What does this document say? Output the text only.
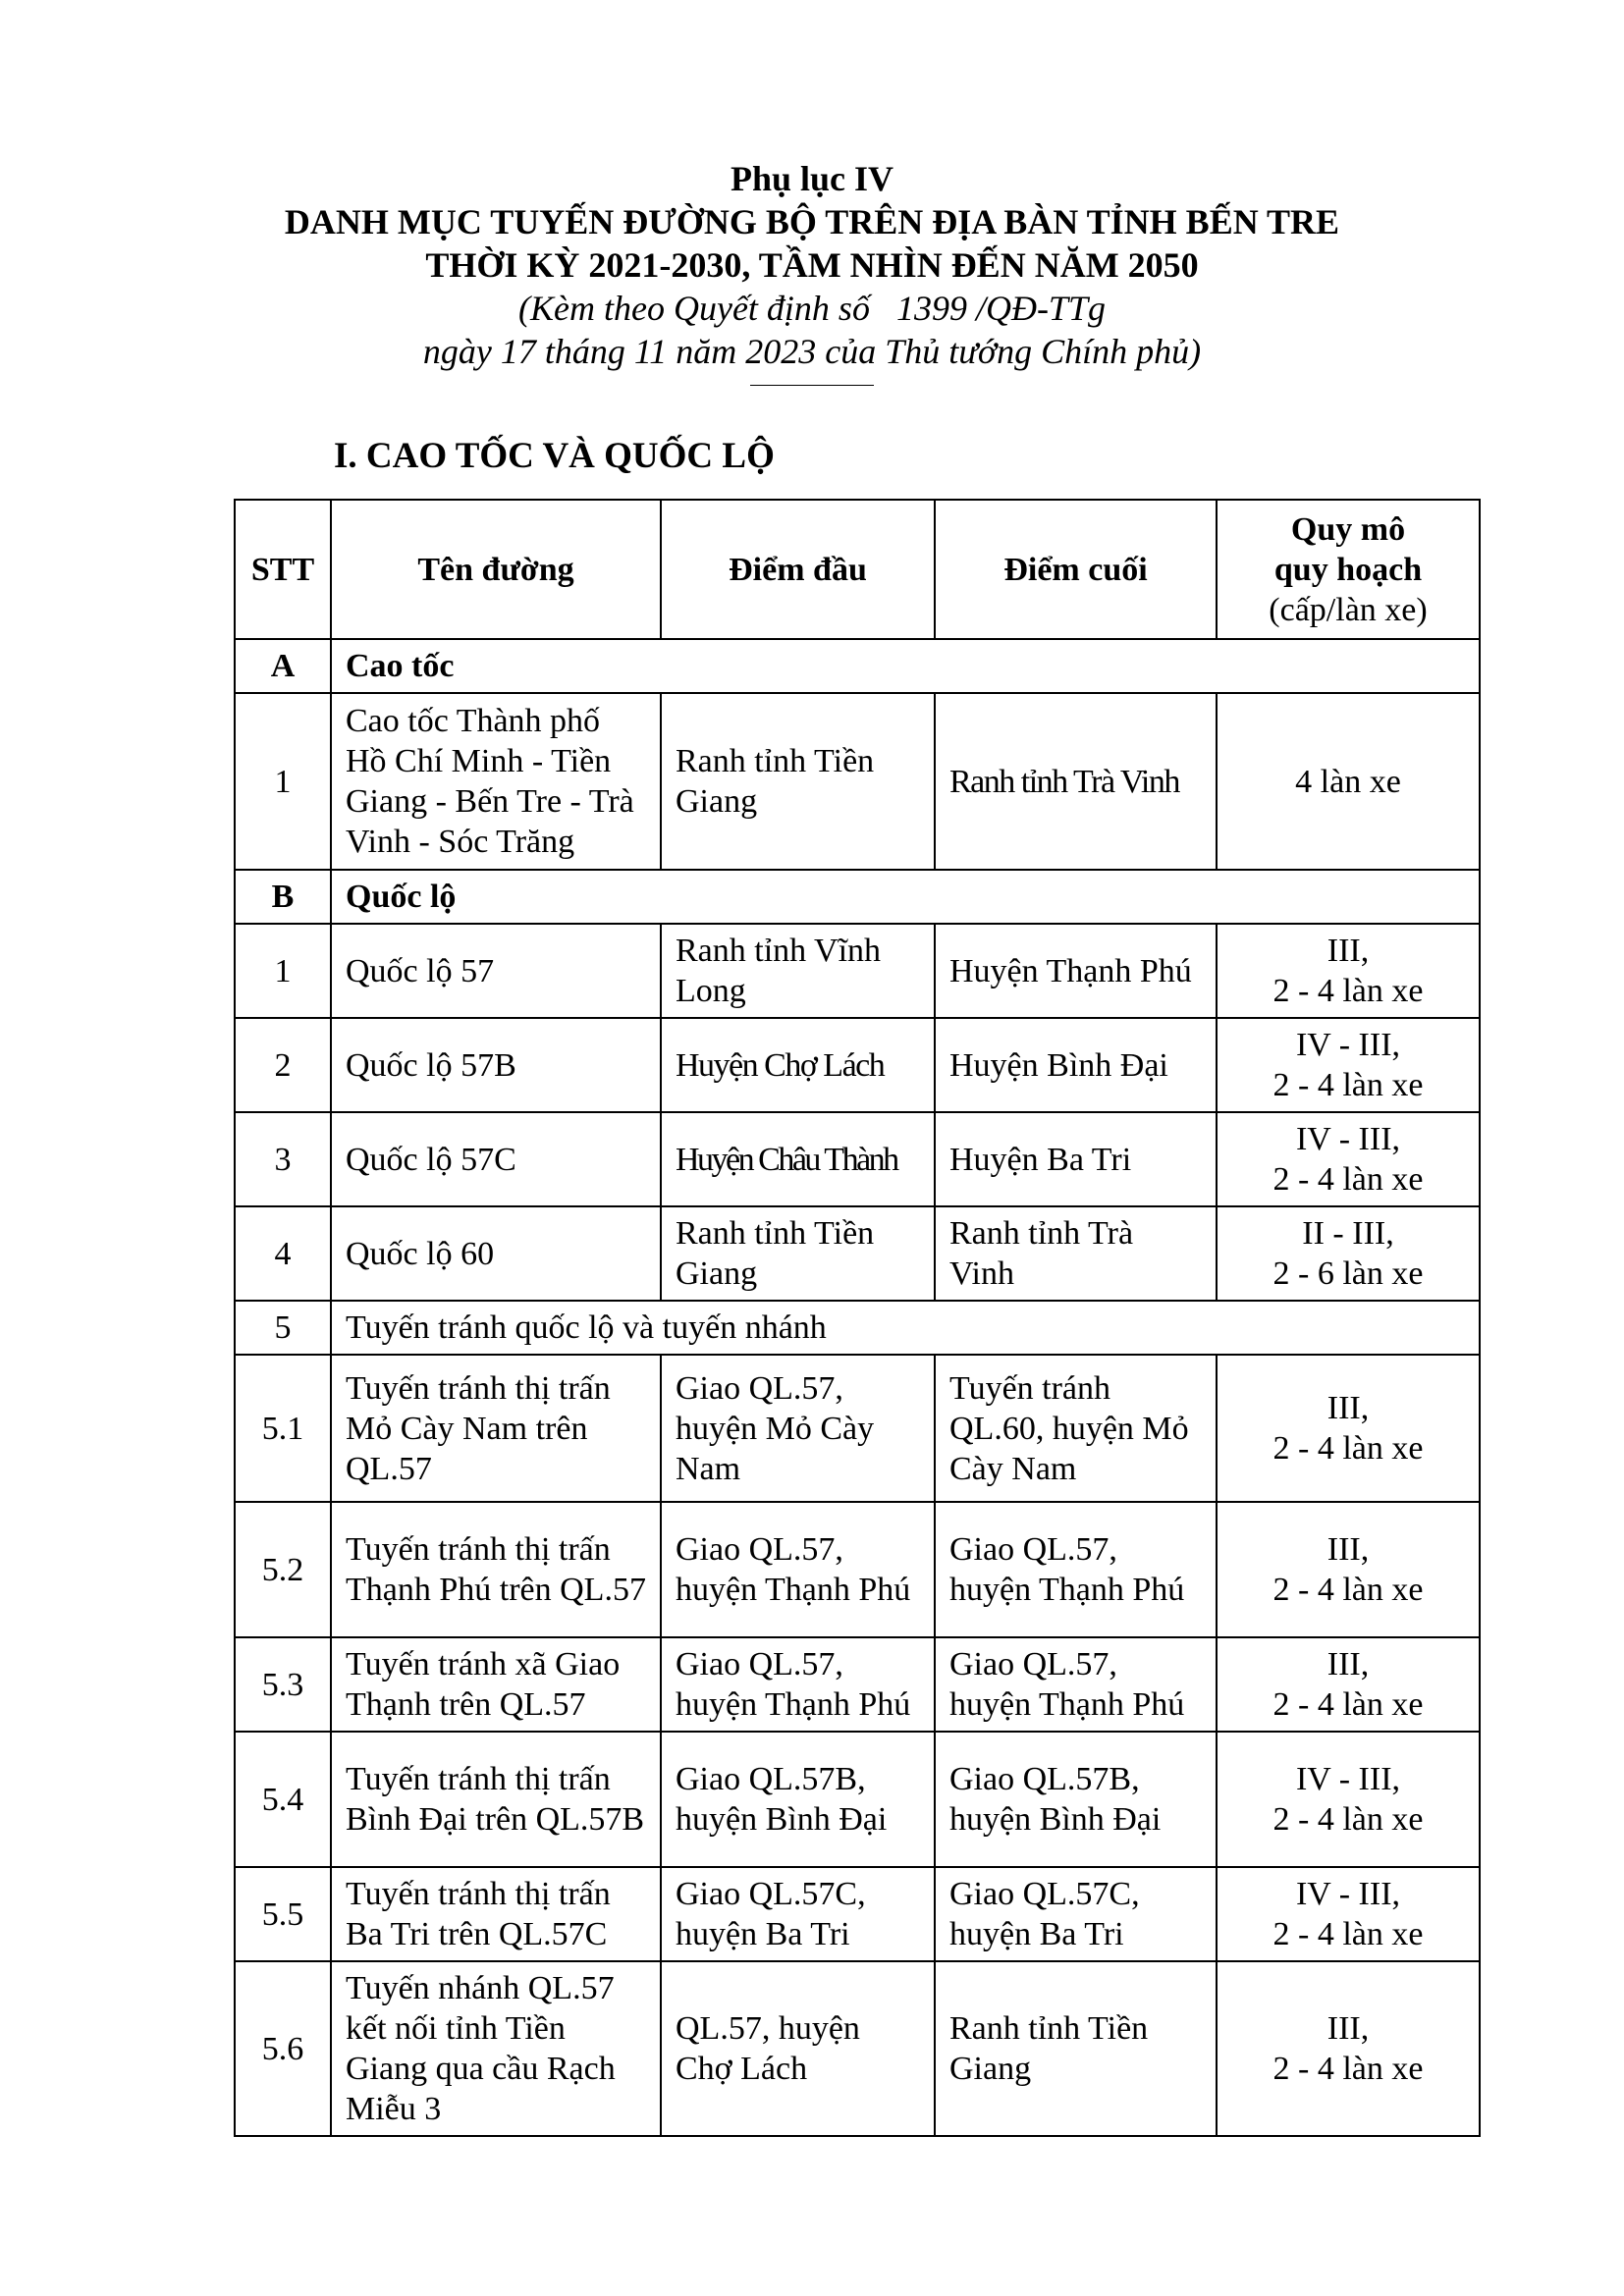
Phụ lục IV
DANH MỤC TUYẾN ĐƯỜNG BỘ TRÊN ĐỊA BÀN TỈNH BẾN TRE
THỜI KỲ 2021-2030, TẦM NHÌN ĐẾN NĂM 2050
(Kèm theo Quyết định số   1399 /QĐ-TTg
ngày 17 tháng 11 năm 2023 của Thủ tướng Chính phủ)
I. CAO TỐC VÀ QUỐC LỘ
STT	Tên đường	Điểm đầu	Điểm cuối	Quy mô
quy hoạch
(cấp/làn xe)

A	Cao tốc			
1	Cao tốc Thành phố Hồ Chí Minh - Tiền Giang - Bến Tre - Trà Vinh - Sóc Trăng	Ranh tỉnh Tiền Giang	Ranh tỉnh Trà Vinh	4 làn xe
B	Quốc lộ			
1	Quốc lộ 57	Ranh tỉnh Vĩnh Long	Huyện Thạnh Phú	III,
2 - 4 làn xe

2	Quốc lộ 57B	Huyện Chợ Lách	Huyện Bình Đại	IV - III,
2 - 4 làn xe

3	Quốc lộ 57C	Huyện Châu Thành	Huyện Ba Tri	IV - III,
2 - 4 làn xe

4	Quốc lộ 60	Ranh tỉnh Tiền Giang	Ranh tỉnh Trà Vinh	II - III,
2 - 6 làn xe

5	Tuyến tránh quốc lộ và tuyến nhánh			
5.1	Tuyến tránh thị trấn Mỏ Cày Nam trên QL.57	Giao QL.57, huyện Mỏ Cày Nam	Tuyến tránh QL.60, huyện Mỏ Cày Nam	III,
2 - 4 làn xe

5.2	Tuyến tránh thị trấn Thạnh Phú trên QL.57	Giao QL.57, huyện Thạnh Phú	Giao QL.57, huyện Thạnh Phú	III,
2 - 4 làn xe

5.3	Tuyến tránh xã Giao Thạnh trên QL.57	Giao QL.57, huyện Thạnh Phú	Giao QL.57, huyện Thạnh Phú	III,
2 - 4 làn xe

5.4	Tuyến tránh thị trấn Bình Đại trên QL.57B	Giao QL.57B, huyện Bình Đại	Giao QL.57B, huyện Bình Đại	IV - III,
2 - 4 làn xe

5.5	Tuyến tránh thị trấn Ba Tri trên QL.57C	Giao QL.57C, huyện Ba Tri	Giao QL.57C, huyện Ba Tri	IV - III,
2 - 4 làn xe

5.6	Tuyến nhánh QL.57 kết nối tỉnh Tiền Giang qua cầu Rạch Miễu 3	QL.57, huyện Chợ Lách	Ranh tỉnh Tiền Giang	III,
2 - 4 làn xe
